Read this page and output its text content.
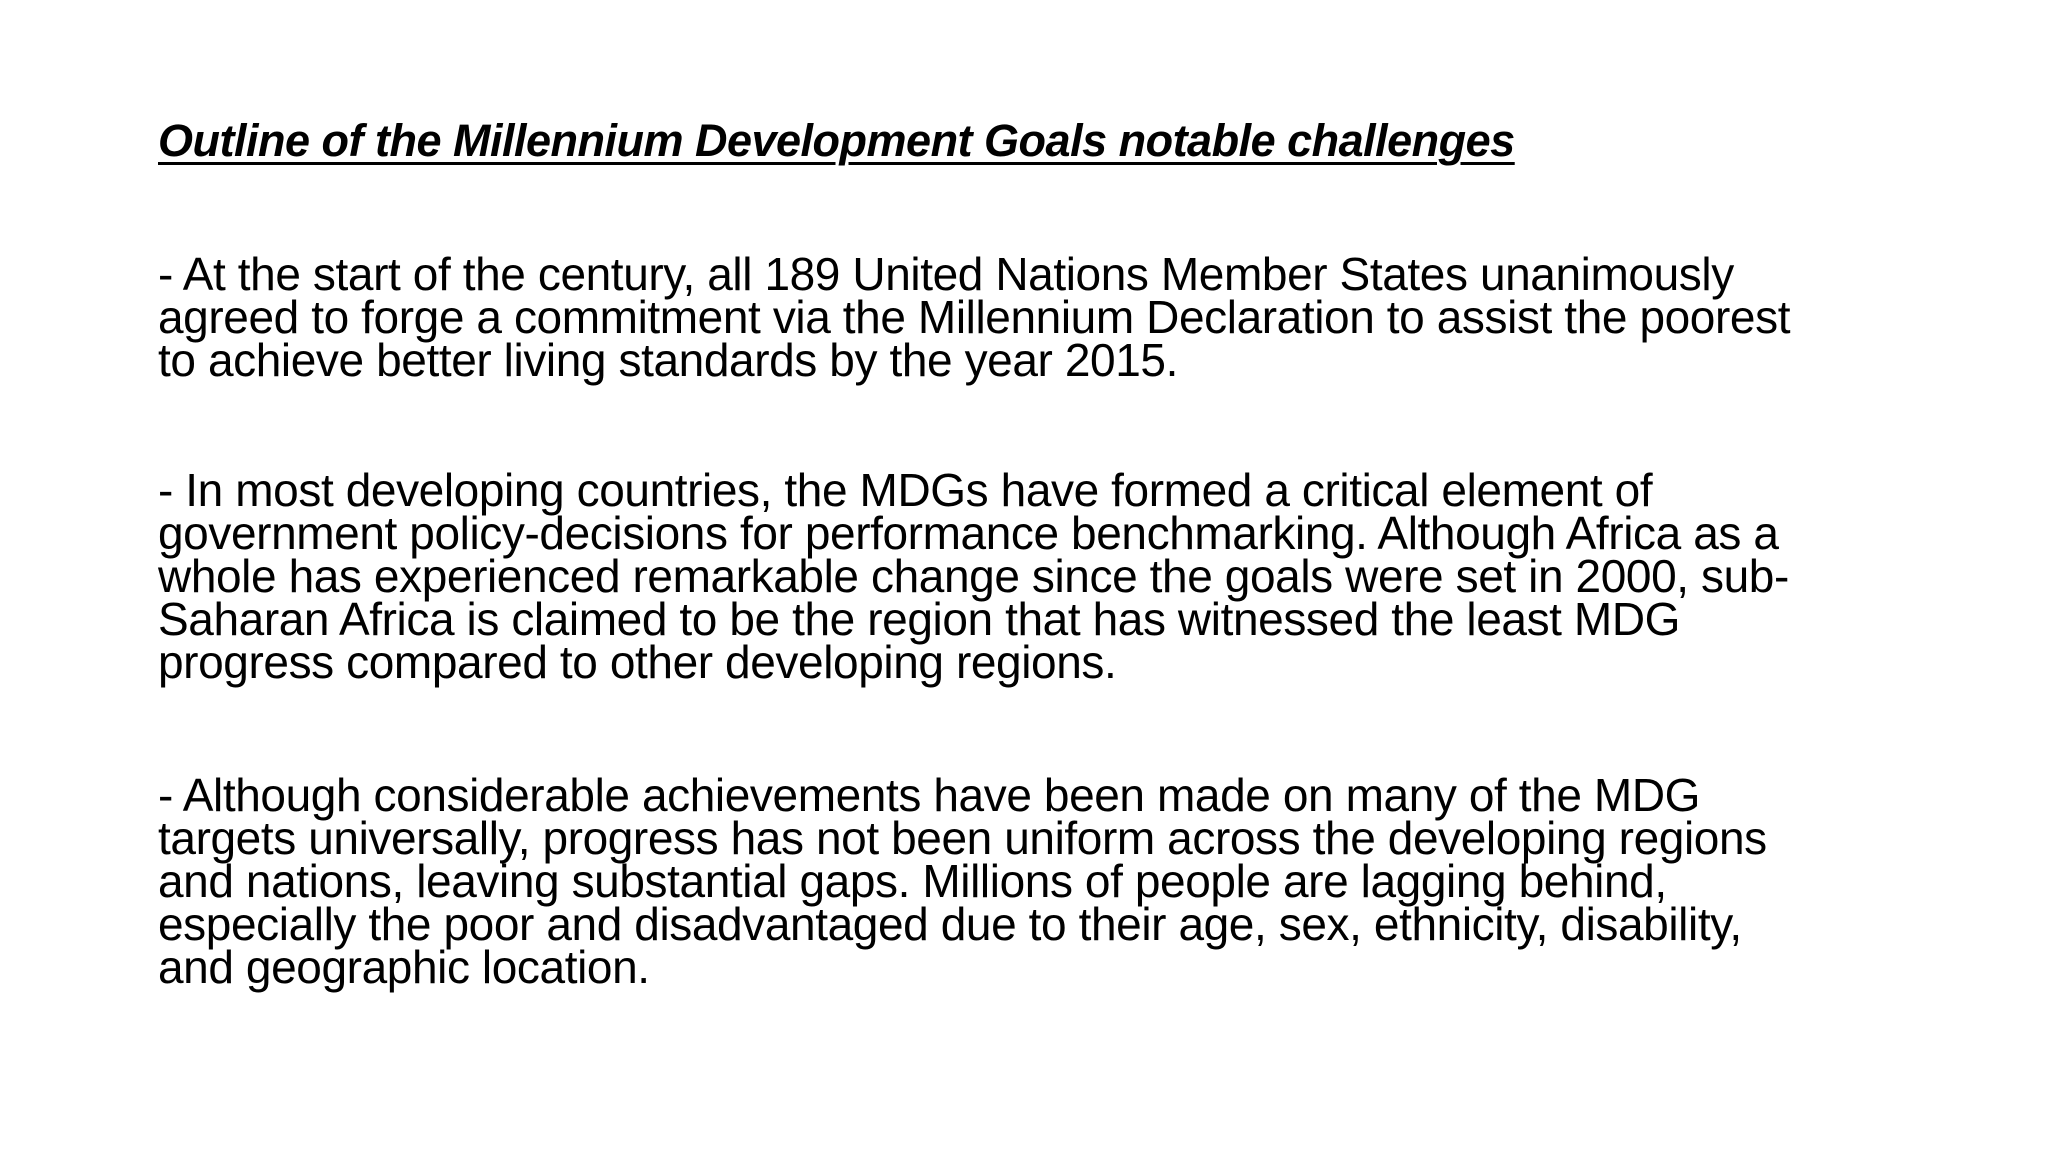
Outline of the Millennium Development Goals notable challenges

- At the start of the century, all 189 United Nations Member States unanimously
agreed to forge a commitment via the Millennium Declaration to assist the poorest
to achieve better living standards by the year 2015.

- In most developing countries, the MDGs have formed a critical element of
government policy-decisions for performance benchmarking. Although Africa as a
whole has experienced remarkable change since the goals were set in 2000, sub-
Saharan Africa is claimed to be the region that has witnessed the least MDG
progress compared to other developing regions.

- Although considerable achievements have been made on many of the MDG
targets universally, progress has not been uniform across the developing regions
and nations, leaving substantial gaps. Millions of people are lagging behind,
especially the poor and disadvantaged due to their age, sex, ethnicity, disability,
and geographic location.
